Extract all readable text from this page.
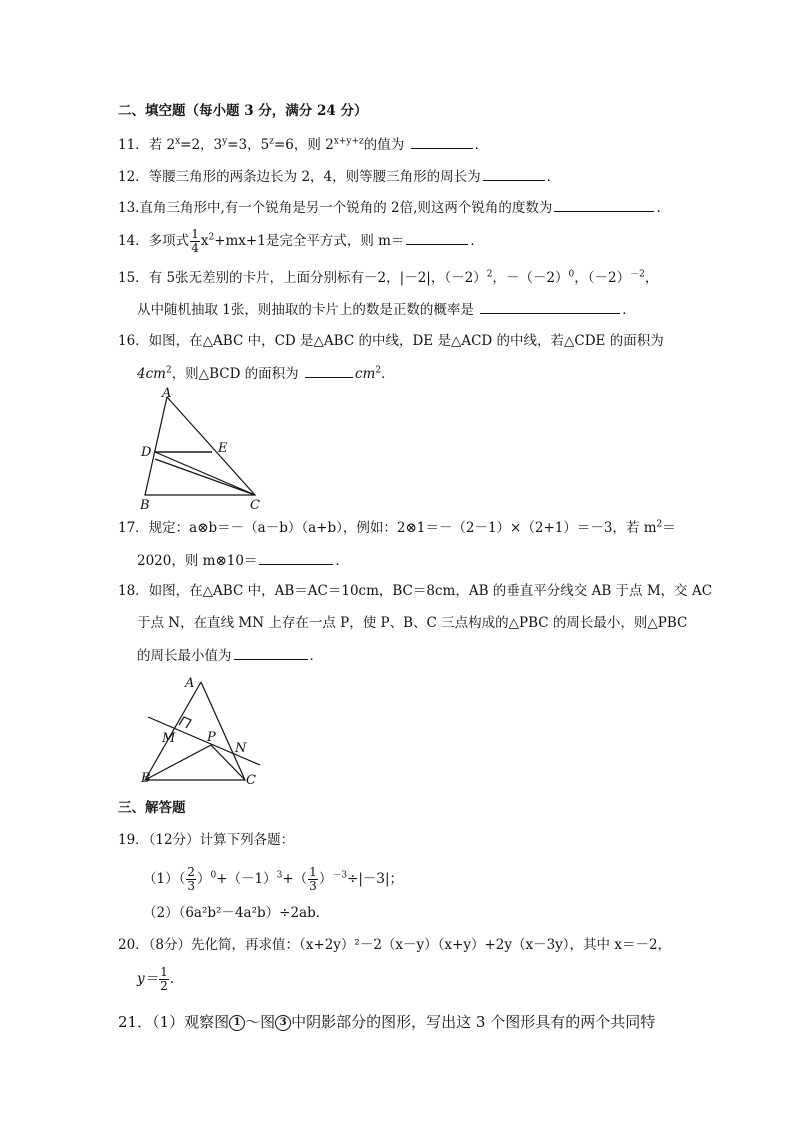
二、填空题（每小题 3 分，满分 24 分）
11．若 $2^x=2$，$3^y=3$，$5^z=6$，则 $2^{x+y+z}$的值为	．
12．等腰三角形的两条边长为 2，4，则等腰三角形的周长为	．
13.直角三角形中,有一个锐角是另一个锐角的 2倍,则这两个锐角的度数为	.
14．多项式 $\frac{1}{4} x^2+mx+1$是完全平方式，则 m＝	．
15．有 5张无差别的卡片，上面分别标有－2，|－2|，$(-2)^2$，$-(-2)^0$，$(-2)^{-2}$，
从中随机抽取 1张，则抽取的卡片上的数是正数的概率是	．
16．如图，在△ABC 中，CD 是△ABC 的中线，DE 是△ACD 的中线，若△CDE 的面积为
$4cm^2$，则△BCD 的面积为	$cm^2$．
A
D	E
B	C
17．规定：a⊗b＝－（a－b）（a+b），例如：2⊗1＝－（2－1）×（2+1）＝－3，若 $m^2=$
2020，则 m⊗10＝	．
18．如图，在△ABC 中，AB＝AC＝10cm，BC＝8cm，AB 的垂直平分线交 AB 于点 M，交 AC
于点 N，在直线 MN 上存在一点 P，使 P、B、C 三点构成的△PBC 的周长最小，则△PBC
的周长最小值为	．
A
M P
N
B	C
三、解答题
19．（12分）计算下列各题：
$(1)( \frac{2}{3} )^0+(-1)^3+( \frac{1}{3} )^{-3}\div|-3|$；
（2）（6a²b²－4a²b）÷2ab．
20．（8分）先化简，再求值：（x+2y）²－2（x－y）（x+y）+2y（x－3y），其中 x＝－2，
$y= \frac{1}{2}$ .
21．（1）观察图 1 ～图 3 中阴影部分的图形，写出这 3 个图形具有的两个共同特
